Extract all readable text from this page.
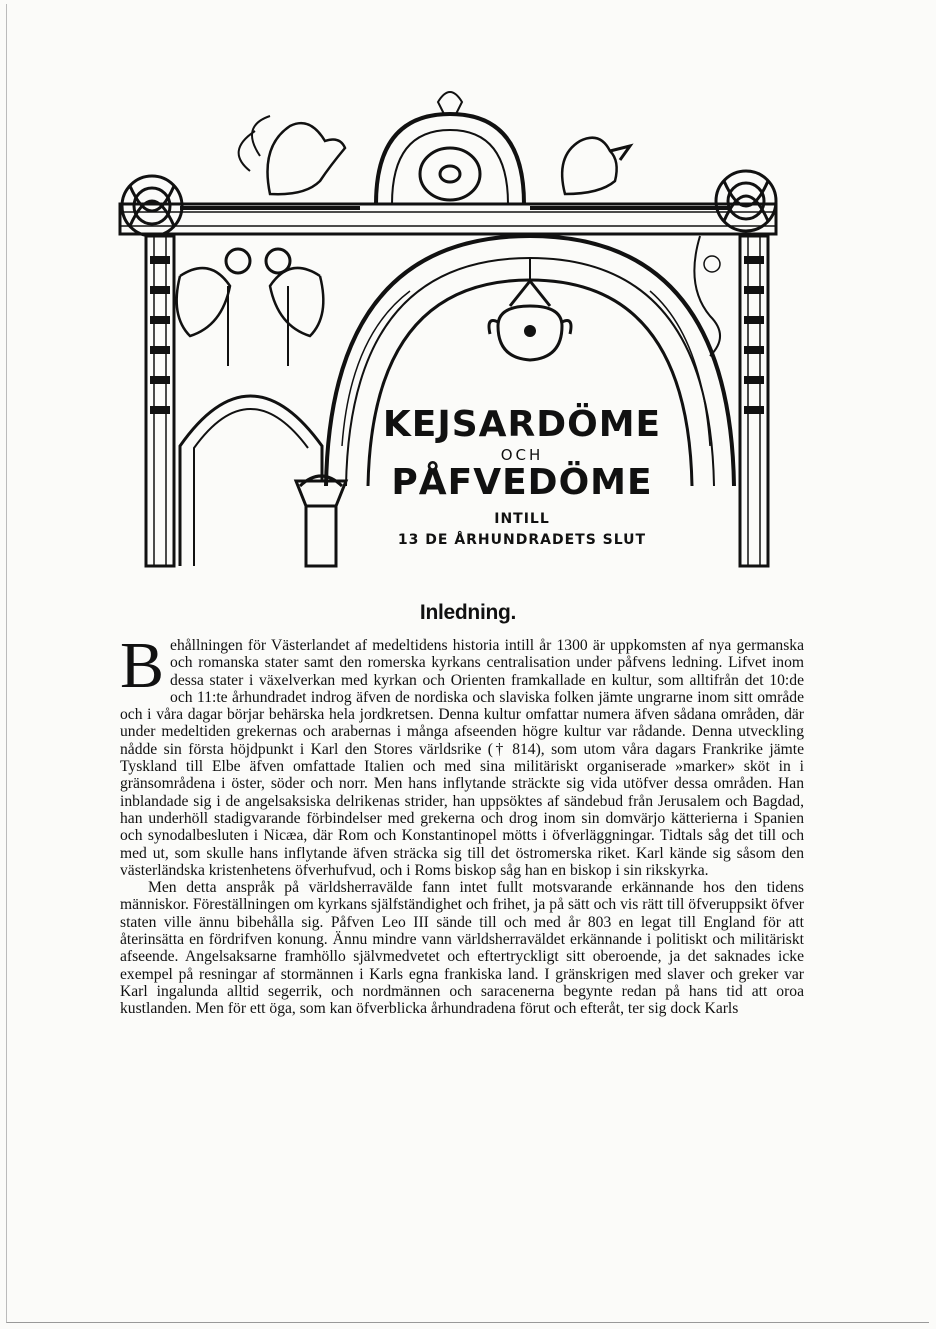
KEJSARDÖME
OCH
PÅFVEDÖME
INTILL
13 DE ÅRHUNDRADETS SLUT
Inledning.

Behållningen för Västerlandet af medeltidens historia intill år 1300 är uppkomsten af nya germanska och romanska stater samt den romerska kyrkans centralisation under påfvens ledning. Lifvet inom dessa stater i växelverkan med kyrkan och Orienten framkallade en kultur, som alltifrån det 10:de och 11:te århundradet indrog äfven de nordiska och slaviska folken jämte ungrarne inom sitt område och i våra dagar börjar behärska hela jordkretsen. Denna kultur omfattar numera äfven sådana områden, där under medeltiden grekernas och arabernas i många afseenden högre kultur var rådande. Denna utveckling nådde sin första höjdpunkt i Karl den Stores världsrike († 814), som utom våra dagars Frankrike jämte Tyskland till Elbe äfven omfattade Italien och med sina militäriskt organiserade »marker» sköt in i gränsområdena i öster, söder och norr. Men hans inflytande sträckte sig vida utöfver dessa områden. Han inblandade sig i de angelsaksiska delrikenas strider, han uppsöktes af sändebud från Jerusalem och Bagdad, han underhöll stadigvarande förbindelser med grekerna och drog inom sin domvärjo kätterierna i Spanien och synodalbesluten i Nicæa, där Rom och Konstantinopel mötts i öfverläggningar. Tidtals såg det till och med ut, som skulle hans inflytande äfven sträcka sig till det östromerska riket. Karl kände sig såsom den västerländska kristenhetens öfverhufvud, och i Roms biskop såg han en biskop i sin rikskyrka.

Men detta anspråk på världsherravälde fann intet fullt motsvarande erkännande hos den tidens människor. Föreställningen om kyrkans själfständighet och frihet, ja på sätt och vis rätt till öfveruppsikt öfver staten ville ännu bibehålla sig. Påfven Leo III sände till och med år 803 en legat till England för att återinsätta en fördrifven konung. Ännu mindre vann världsherraväldet erkännande i politiskt och militäriskt afseende. Angelsaksarne framhöllo självmedvetet och eftertryckligt sitt oberoende, ja det saknades icke exempel på resningar af stormännen i Karls egna frankiska land. I gränskrigen med slaver och greker var Karl ingalunda alltid segerrik, och nordmännen och saracenerna begynte redan på hans tid att oroa kustlanden. Men för ett öga, som kan öfverblicka århundradena förut och efteråt, ter sig dock Karls
